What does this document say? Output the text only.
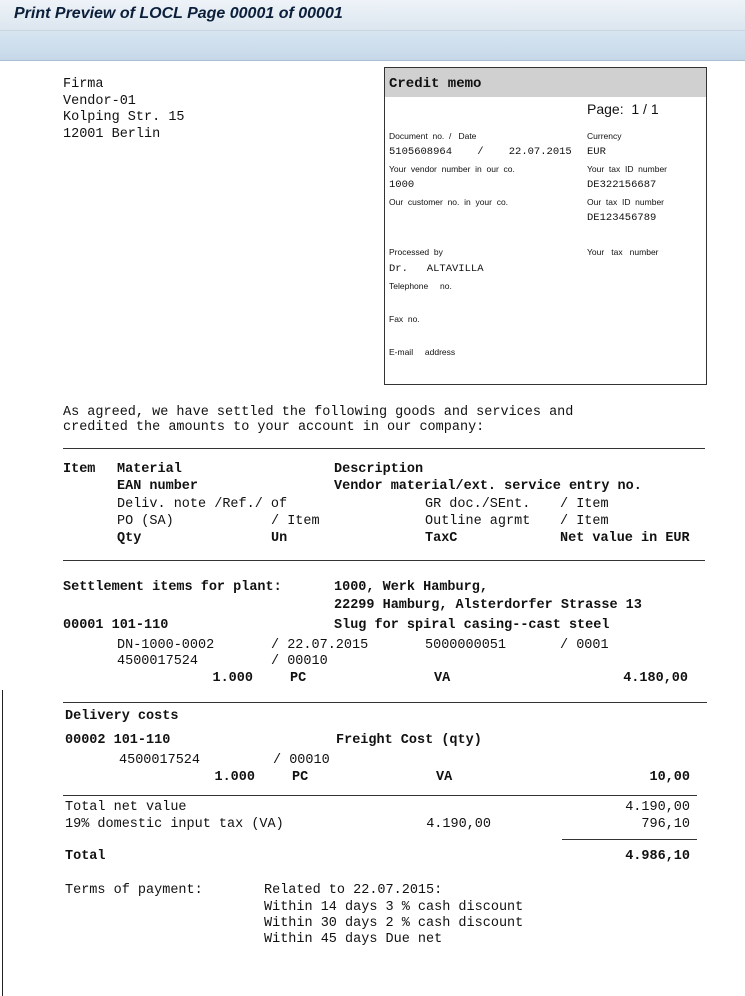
Print Preview of LOCL Page 00001 of 00001
Firma
Vendor-01
Kolping Str. 15
12001 Berlin
Credit memo
Page:  1 / 1
Document  no.  /   Date
5105608964    /    22.07.2015
Your  vendor  number  in  our  co.
1000
Our  customer  no.  in  your  co.
Currency
EUR
Your  tax  ID  number
DE322156687
Our  tax  ID  number
DE123456789
Processed  by
Dr.   ALTAVILLA
Your   tax   number
Telephone     no.
Fax  no.
E-mail     address
As agreed, we have settled the following goods and services and
credited the amounts to your account in our company:
Item Material	Description
EAN number	Vendor material/ext. service entry no.
Deliv. note /Ref./ of	GR doc./SEnt. / Item
PO (SA)	/ Item	Outline agrmt / Item
Qty	Un	TaxC	Net value in EUR
Settlement items for plant:	1000, Werk Hamburg,
22299 Hamburg, Alsterdorfer Strasse 13
00001 101-110	Slug for spiral casing--cast steel
DN-1000-0002	/ 22.07.2015	5000000051	/ 0001
4500017524	/ 00010
1.000	PC	VA	4.180,00
Delivery costs
00002 101-110	Freight Cost (qty)
4500017524	/ 00010
1.000	PC	VA	10,00
Total net value	4.190,00
19% domestic input tax (VA)	4.190,00	796,10
Total	4.986,10
Terms of payment:	Related to 22.07.2015:
Within 14 days 3 % cash discount
Within 30 days 2 % cash discount
Within 45 days Due net
